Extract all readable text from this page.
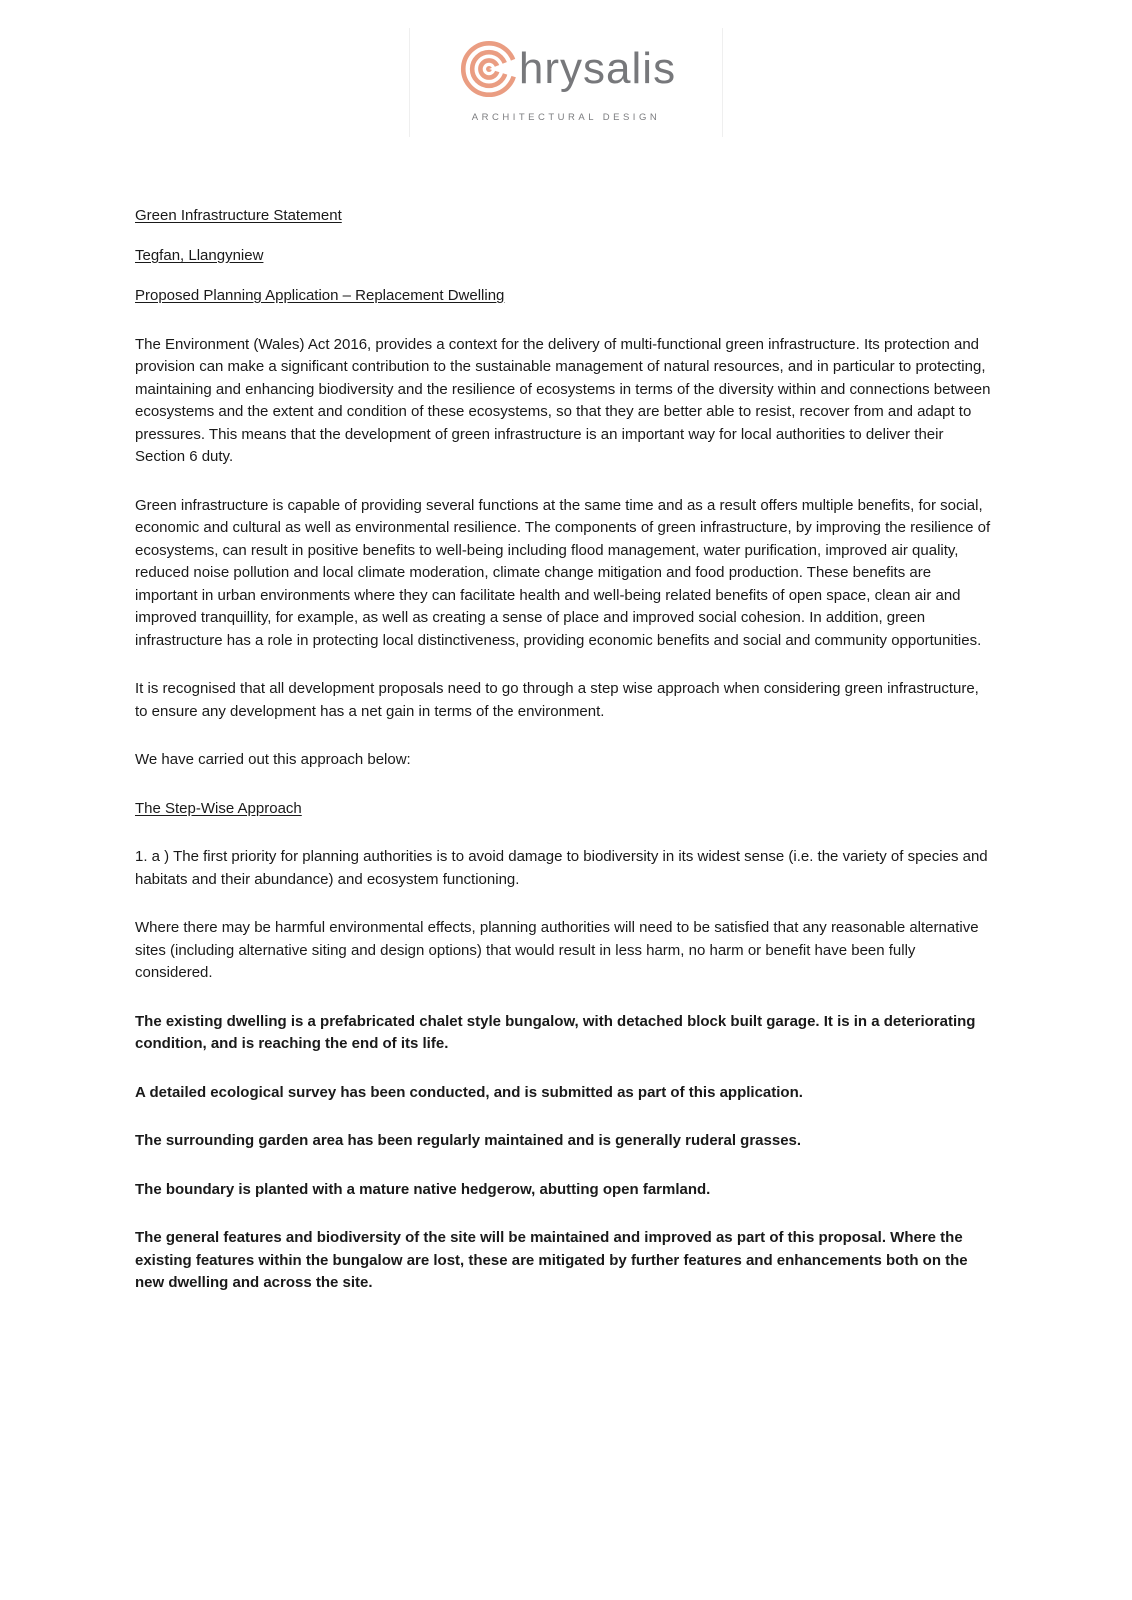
hrysalis
ARCHITECTURAL DESIGN

Green Infrastructure Statement

Tegfan, Llangyniew

Proposed Planning Application – Replacement Dwelling

The Environment (Wales) Act 2016, provides a context for the delivery of multi-functional green infrastructure. Its protection and provision can make a significant contribution to the sustainable management of natural resources, and in particular to protecting, maintaining and enhancing biodiversity and the resilience of ecosystems in terms of the diversity within and connections between ecosystems and the extent and condition of these ecosystems, so that they are better able to resist, recover from and adapt to pressures. This means that the development of green infrastructure is an important way for local authorities to deliver their Section 6 duty.

Green infrastructure is capable of providing several functions at the same time and as a result offers multiple benefits, for social, economic and cultural as well as environmental resilience. The components of green infrastructure, by improving the resilience of ecosystems, can result in positive benefits to well-being including flood management, water purification, improved air quality, reduced noise pollution and local climate moderation, climate change mitigation and food production. These benefits are important in urban environments where they can facilitate health and well-being related benefits of open space, clean air and improved tranquillity, for example, as well as creating a sense of place and improved social cohesion. In addition, green infrastructure has a role in protecting local distinctiveness, providing economic benefits and social and community opportunities.

It is recognised that all development proposals need to go through a step wise approach when considering green infrastructure, to ensure any development has a net gain in terms of the environment.

We have carried out this approach below:

The Step-Wise Approach

1. a ) The first priority for planning authorities is to avoid damage to biodiversity in its widest sense (i.e. the variety of species and habitats and their abundance) and ecosystem functioning.

Where there may be harmful environmental effects, planning authorities will need to be satisfied that any reasonable alternative sites (including alternative siting and design options) that would result in less harm, no harm or benefit have been fully considered.

The existing dwelling is a prefabricated chalet style bungalow, with detached block built garage. It is in a deteriorating condition, and is reaching the end of its life.

A detailed ecological survey has been conducted, and is submitted as part of this application.

The surrounding garden area has been regularly maintained and is generally ruderal grasses.

The boundary is planted with a mature native hedgerow, abutting open farmland.

The general features and biodiversity of the site will be maintained and improved as part of this proposal. Where the existing features within the bungalow are lost, these are mitigated by further features and enhancements both on the new dwelling and across the site.
